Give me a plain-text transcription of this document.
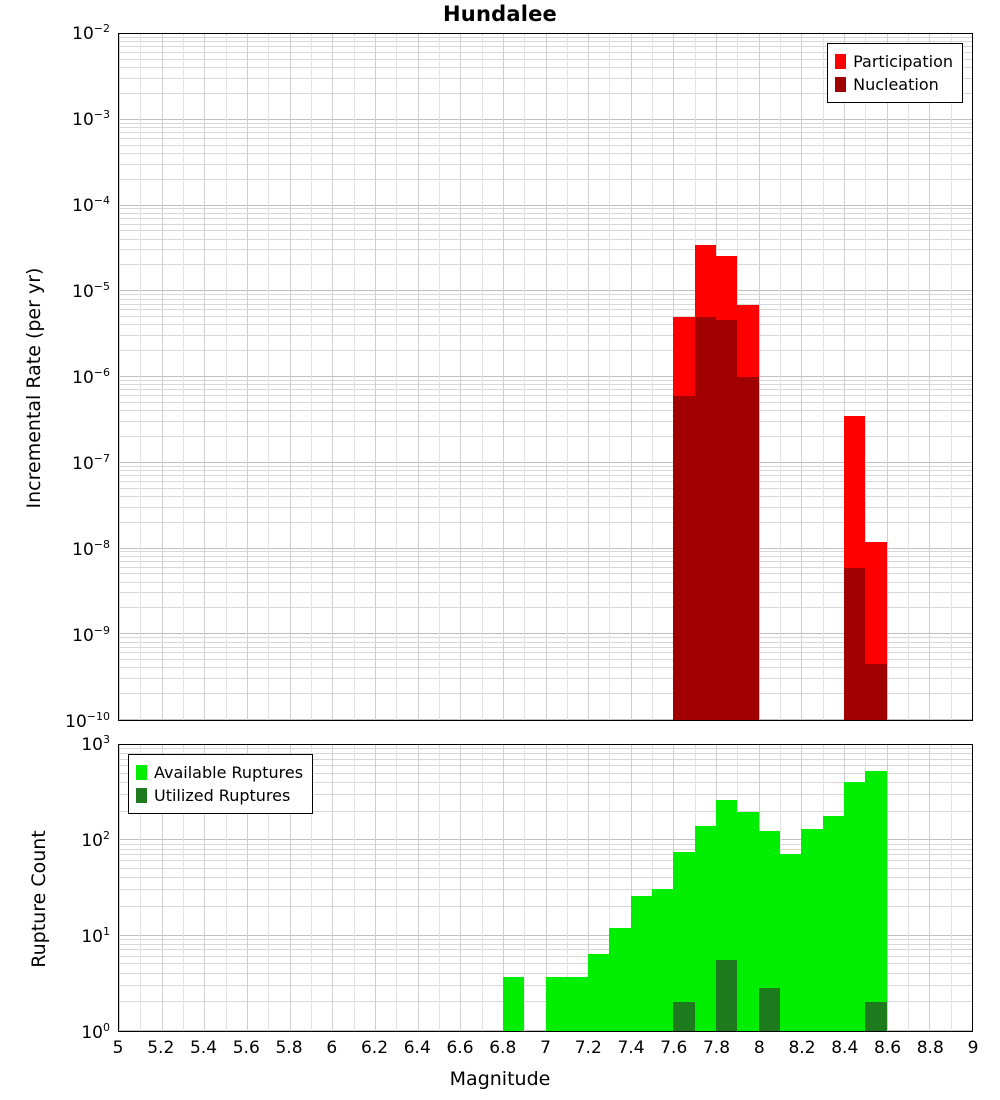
Hundalee
Participation
Nucleation
$10^{-10}$
$10^{-9}$
$10^{-8}$
$10^{-7}$
$10^{-6}$
$10^{-5}$
$10^{-4}$
$10^{-3}$
$10^{-2}$
Incremental Rate (per yr)
Available Ruptures
Utilized Ruptures
$10^0$
$10^1$
$10^2$
$10^3$
Rupture Count
5 5.2 5.4 5.6 5.8 6 6.2 6.4 6.6 6.8 7 7.2 7.4 7.6 7.8 8 8.2 8.4 8.6 8.8 9
Magnitude
